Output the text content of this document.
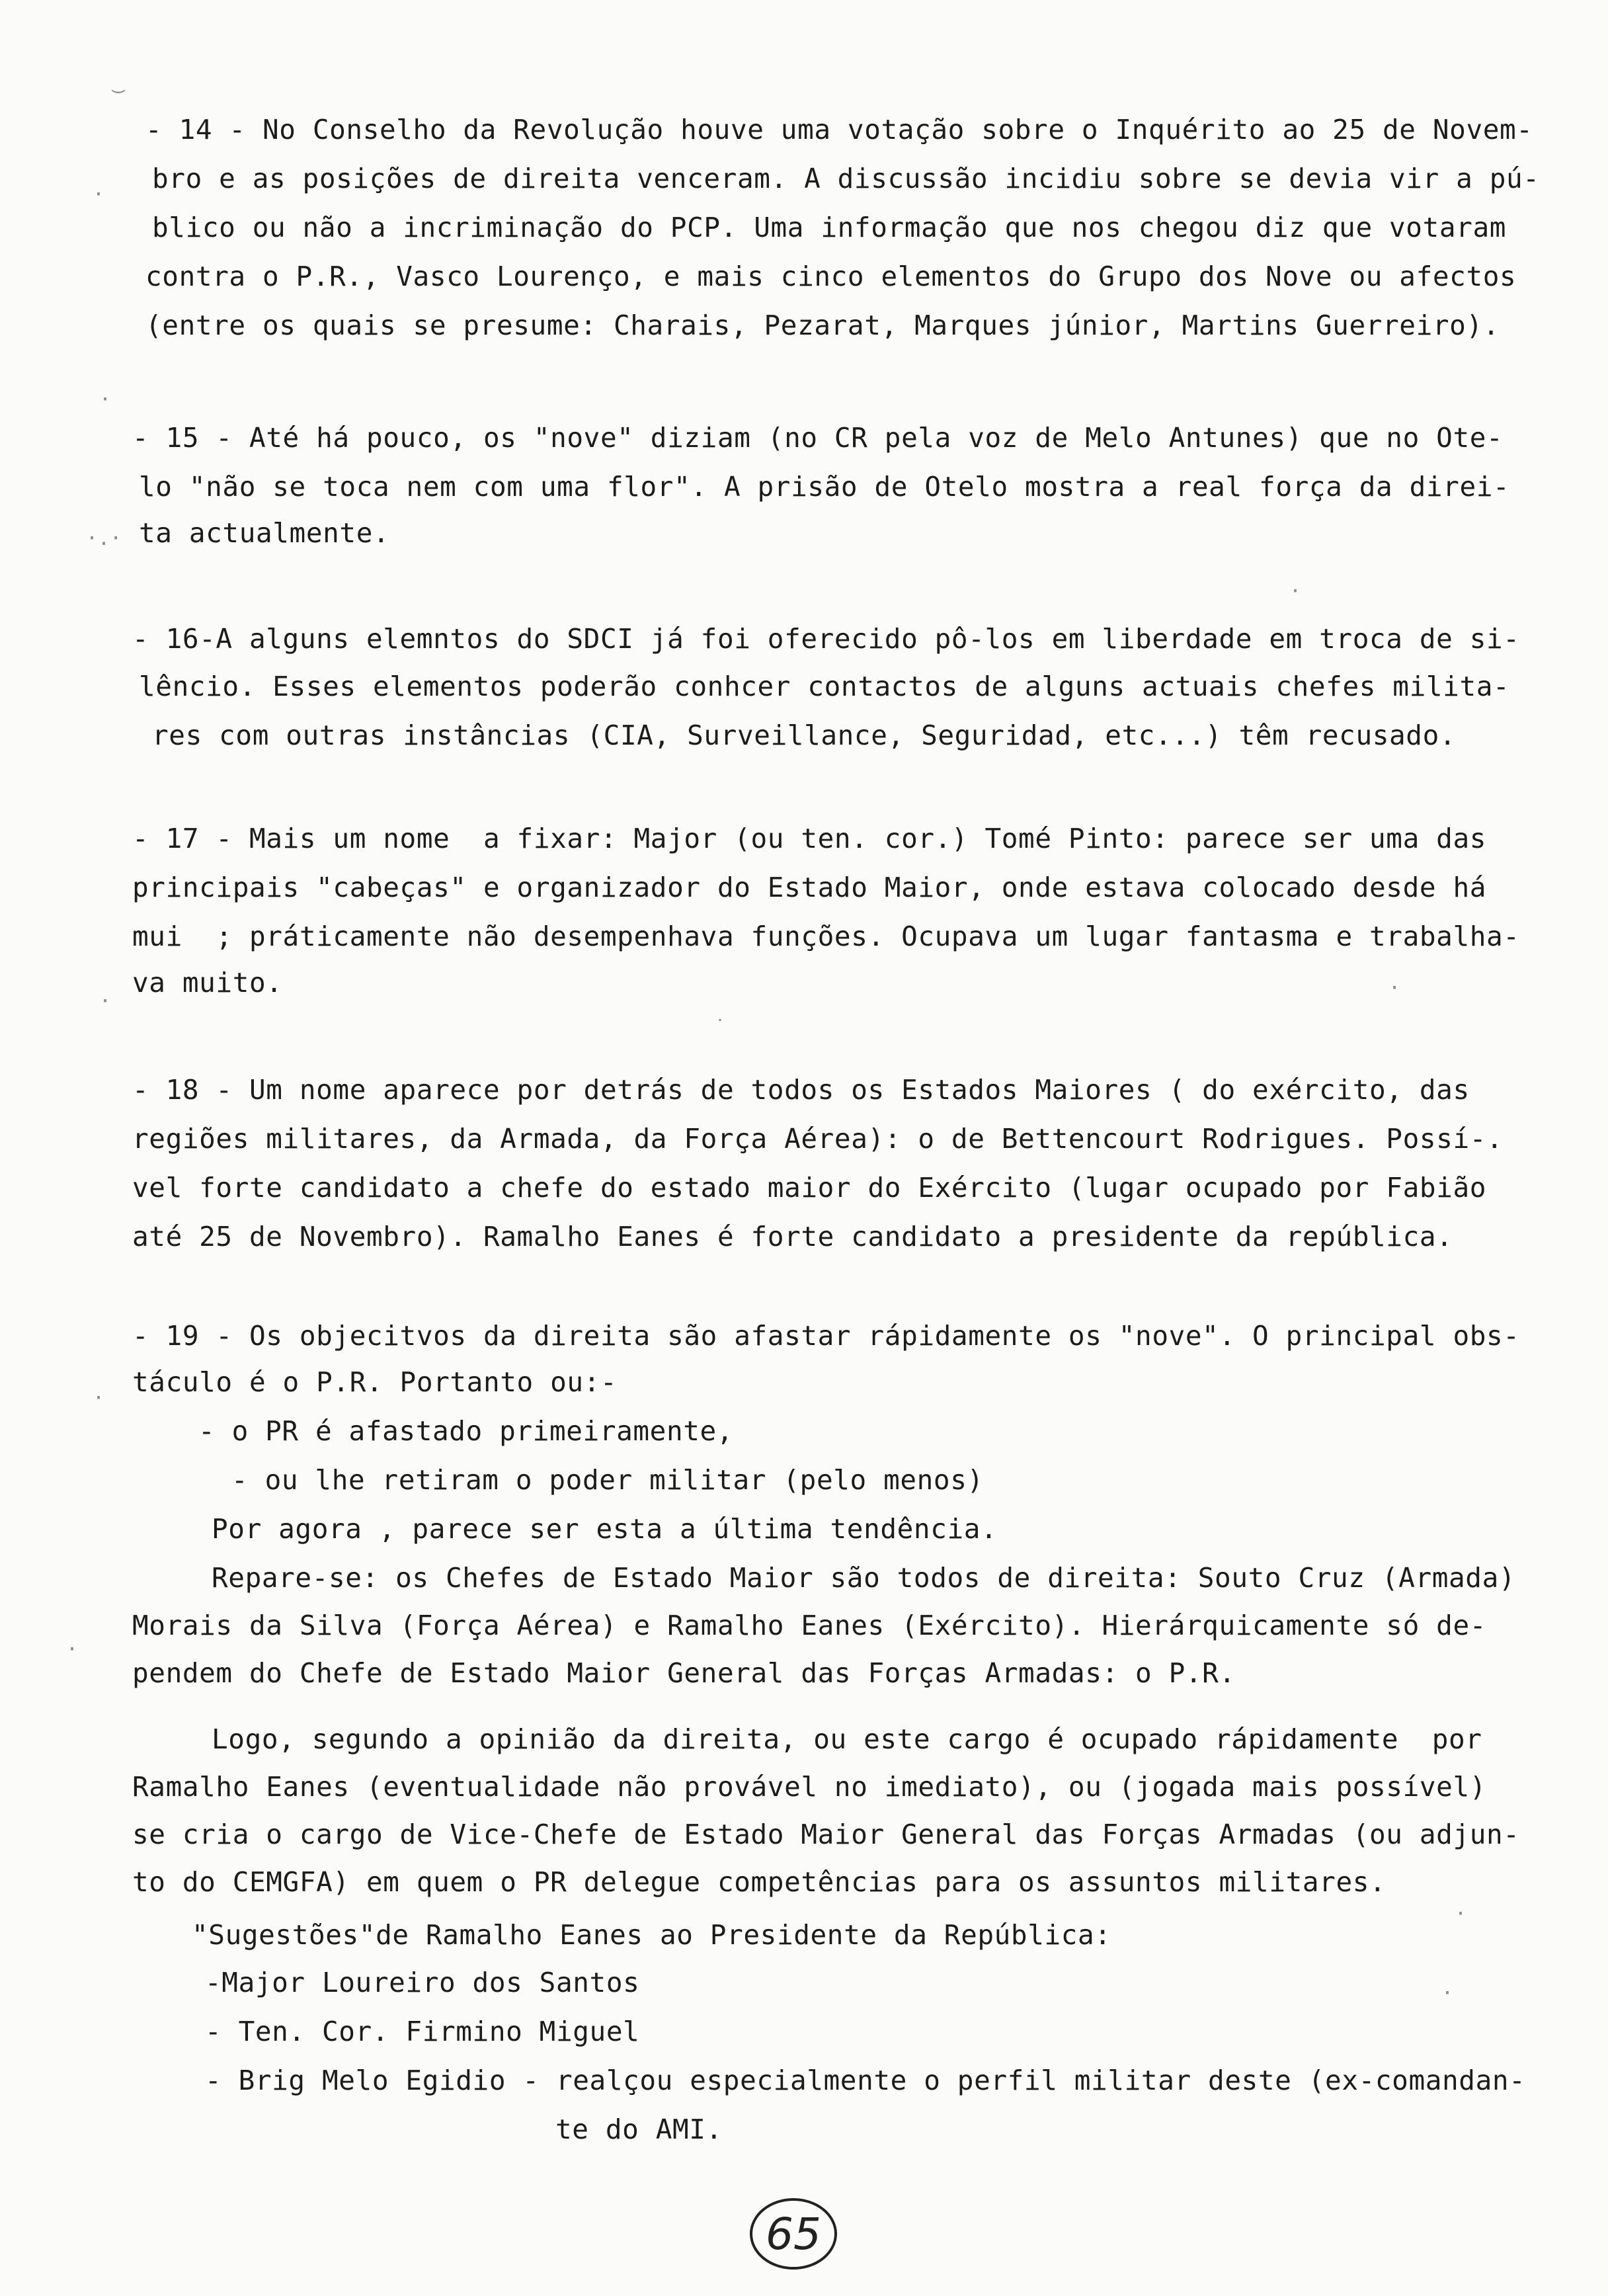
‿
·
·
·.·
·
·
˙
·
·
·
·
·
- 14 - No Conselho da Revolução houve uma votação sobre o Inquérito ao 25 de Novem-
bro e as posições de direita venceram. A discussão incidiu sobre se devia vir a pú-
blico ou não a incriminação do PCP. Uma informação que nos chegou diz que votaram
contra o P.R., Vasco Lourenço, e mais cinco elementos do Grupo dos Nove ou afectos
(entre os quais se presume: Charais, Pezarat, Marques júnior, Martins Guerreiro).
- 15 - Até há pouco, os "nove" diziam (no CR pela voz de Melo Antunes) que no Ote-
lo "não se toca nem com uma flor". A prisão de Otelo mostra a real força da direi-
ta actualmente.
- 16-A alguns elemntos do SDCI já foi oferecido pô-los em liberdade em troca de si-
lêncio. Esses elementos poderão conhcer contactos de alguns actuais chefes milita-
res com outras instâncias (CIA, Surveillance, Seguridad, etc...) têm recusado.
- 17 - Mais um nome  a fixar: Major (ou ten. cor.) Tomé Pinto: parece ser uma das
principais "cabeças" e organizador do Estado Maior, onde estava colocado desde há
mui  ; práticamente não desempenhava funções. Ocupava um lugar fantasma e trabalha-
va muito.
- 18 - Um nome aparece por detrás de todos os Estados Maiores ( do exército, das
regiões militares, da Armada, da Força Aérea): o de Bettencourt Rodrigues. Possí-.
vel forte candidato a chefe do estado maior do Exército (lugar ocupado por Fabião
até 25 de Novembro). Ramalho Eanes é forte candidato a presidente da república.
- 19 - Os objecitvos da direita são afastar rápidamente os "nove". O principal obs-
táculo é o P.R. Portanto ou:-
- o PR é afastado primeiramente,
- ou lhe retiram o poder militar (pelo menos)
Por agora , parece ser esta a última tendência.
Repare-se: os Chefes de Estado Maior são todos de direita: Souto Cruz (Armada)
Morais da Silva (Força Aérea) e Ramalho Eanes (Exército). Hierárquicamente só de-
pendem do Chefe de Estado Maior General das Forças Armadas: o P.R.
Logo, segundo a opinião da direita, ou este cargo é ocupado rápidamente  por
Ramalho Eanes (eventualidade não provável no imediato), ou (jogada mais possível)
se cria o cargo de Vice-Chefe de Estado Maior General das Forças Armadas (ou adjun-
to do CEMGFA) em quem o PR delegue competências para os assuntos militares.
"Sugestões"de Ramalho Eanes ao Presidente da República:
-Major Loureiro dos Santos
- Ten. Cor. Firmino Miguel
- Brig Melo Egidio - realçou especialmente o perfil militar deste (ex-comandan-
te do AMI.
65
